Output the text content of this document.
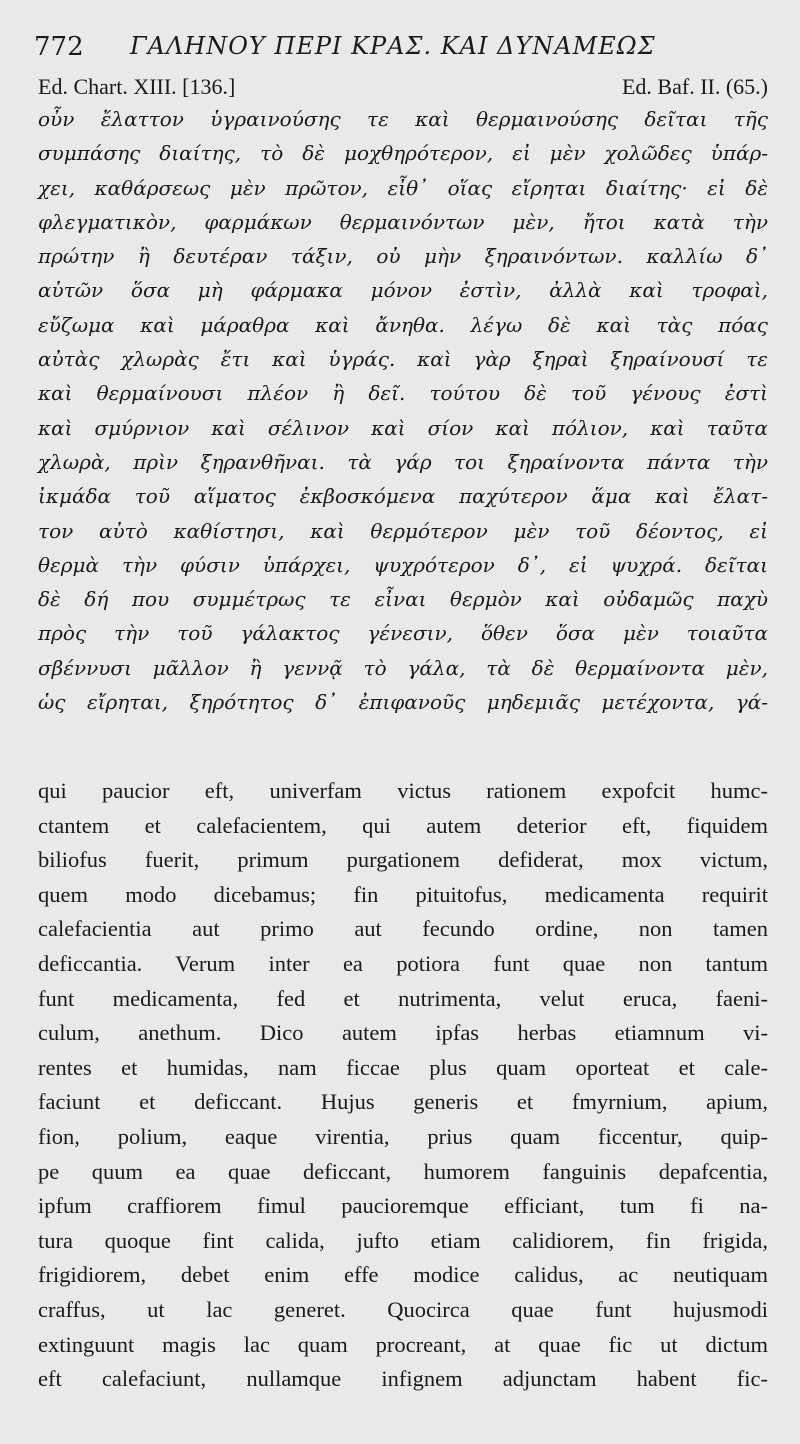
772 ΓΑΛΗΝΟΥ ΠΕΡΙ ΚΡΑΣ. ΚΑΙ ΔΥΝΑΜΕΩΣ
Ed. Chart. XIII. [136.]	Ed. Baf. II. (65.)
οὖν ἔλαττον ὑγραινούσης τε καὶ θερμαινούσης δεῖται τῆς
συμπάσης διαίτης, τὸ δὲ μοχθηρότερον, εἰ μὲν χολῶδες ὑπάρ-
χει, καθάρσεως μὲν πρῶτον, εἶθ᾽ οἵας εἴρηται διαίτης· εἰ δὲ
φλεγματικὸν, φαρμάκων θερμαινόντων μὲν, ἤτοι κατὰ τὴν
πρώτην ἢ δευτέραν τάξιν, οὐ μὴν ξηραινόντων. καλλίω δ᾽
αὐτῶν ὅσα μὴ φάρμακα μόνον ἐστὶν, ἀλλὰ καὶ τροφαὶ,
εὔζωμα καὶ μάραθρα καὶ ἄνηθα. λέγω δὲ καὶ τὰς πόας
αὐτὰς χλωρὰς ἔτι καὶ ὑγράς. καὶ γὰρ ξηραὶ ξηραίνουσί τε
καὶ θερμαίνουσι πλέον ἢ δεῖ. τούτου δὲ τοῦ γένους ἐστὶ
καὶ σμύρνιον καὶ σέλινον καὶ σίον καὶ πόλιον, καὶ ταῦτα
χλωρὰ, πρὶν ξηρανθῆναι. τὰ γάρ τοι ξηραίνοντα πάντα τὴν
ἰκμάδα τοῦ αἵματος ἐκβοσκόμενα παχύτερον ἅμα καὶ ἔλατ-
τον αὐτὸ καθίστησι, καὶ θερμότερον μὲν τοῦ δέοντος, εἰ
θερμὰ τὴν φύσιν ὑπάρχει, ψυχρότερον δ᾽, εἰ ψυχρά. δεῖται
δὲ δή που συμμέτρως τε εἶναι θερμὸν καὶ οὐδαμῶς παχὺ
πρὸς τὴν τοῦ γάλακτος γένεσιν, ὅθεν ὅσα μὲν τοιαῦτα
σβέννυσι μᾶλλον ἢ γεννᾷ τὸ γάλα, τὰ δὲ θερμαίνοντα μὲν,
ὡς εἴρηται, ξηρότητος δ᾽ ἐπιφανοῦς μηδεμιᾶς μετέχοντα, γά-
qui paucior eft, univerfam victus rationem expofcit humc-
ctantem et calefacientem, qui autem deterior eft, fiquidem
biliofus fuerit, primum purgationem defiderat, mox victum,
quem modo dicebamus; fin pituitofus, medicamenta requirit
calefacientia aut primo aut fecundo ordine, non tamen
deficcantia. Verum inter ea potiora funt quae non tantum
funt medicamenta, fed et nutrimenta, velut eruca, faeni-
culum, anethum. Dico autem ipfas herbas etiamnum vi-
rentes et humidas, nam ficcae plus quam oporteat et cale-
faciunt et deficcant. Hujus generis et fmyrnium, apium,
fion, polium, eaque virentia, prius quam ficcentur, quip-
pe quum ea quae deficcant, humorem fanguinis depafcentia,
ipfum craffiorem fimul paucioremque efficiant, tum fi na-
tura quoque fint calida, jufto etiam calidiorem, fin frigida,
frigidiorem, debet enim effe modice calidus, ac neutiquam
craffus, ut lac generet. Quocirca quae funt hujusmodi
extinguunt magis lac quam procreant, at quae fic ut dictum
eft calefaciunt, nullamque infignem adjunctam habent fic-
